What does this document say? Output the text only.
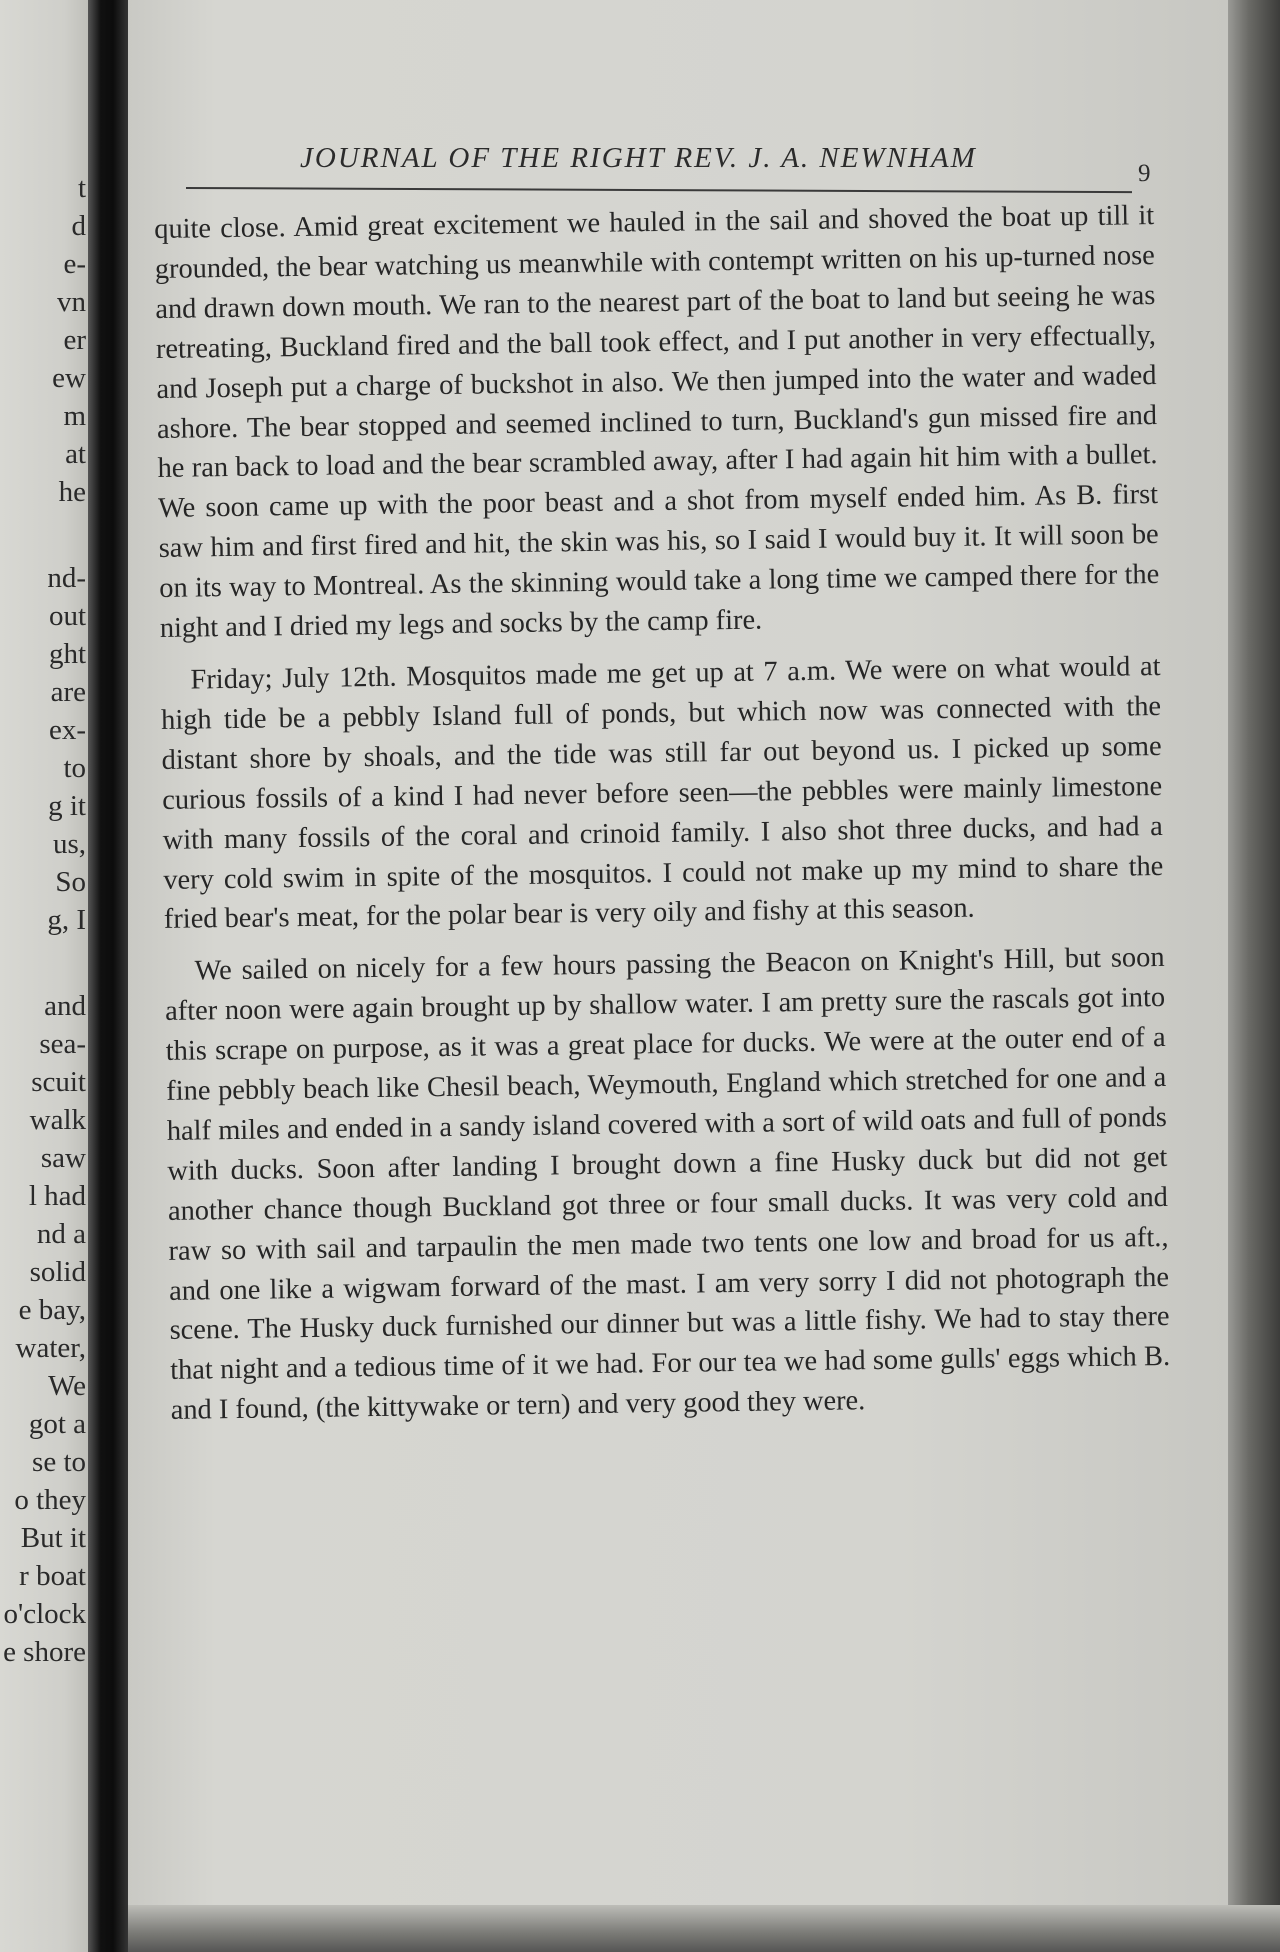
t
d
e-
vn
er
ew
m
at
he
nd-
out
ght
are
ex-
to
g it
us,
So
g, I
and
sea-
scuit
walk
saw
l had
nd a
solid
e bay,
water,
We
got a
se to
o they
But it
r boat
o'clock
e shore
JOURNAL OF THE RIGHT REV. J. A. NEWNHAM	9

quite close. Amid great excitement we hauled in the sail and shoved the boat up till it grounded, the bear watching us meanwhile with contempt written on his up-turned nose and drawn down mouth. We ran to the nearest part of the boat to land but seeing he was retreating, Buckland fired and the ball took effect, and I put another in very effectually, and Joseph put a charge of buckshot in also. We then jumped into the water and waded ashore. The bear stopped and seemed inclined to turn, Buckland's gun missed fire and he ran back to load and the bear scrambled away, after I had again hit him with a bullet. We soon came up with the poor beast and a shot from myself ended him. As B. first saw him and first fired and hit, the skin was his, so I said I would buy it. It will soon be on its way to Montreal. As the skinning would take a long time we camped there for the night and I dried my legs and socks by the camp fire.

Friday; July 12th. Mosquitos made me get up at 7 a.m. We were on what would at high tide be a pebbly Island full of ponds, but which now was connected with the distant shore by shoals, and the tide was still far out beyond us. I picked up some curious fossils of a kind I had never before seen—the pebbles were mainly limestone with many fossils of the coral and crinoid family. I also shot three ducks, and had a very cold swim in spite of the mosquitos. I could not make up my mind to share the fried bear's meat, for the polar bear is very oily and fishy at this season.

We sailed on nicely for a few hours passing the Beacon on Knight's Hill, but soon after noon were again brought up by shallow water. I am pretty sure the rascals got into this scrape on purpose, as it was a great place for ducks. We were at the outer end of a fine pebbly beach like Chesil beach, Weymouth, England which stretched for one and a half miles and ended in a sandy island covered with a sort of wild oats and full of ponds with ducks. Soon after landing I brought down a fine Husky duck but did not get another chance though Buckland got three or four small ducks. It was very cold and raw so with sail and tarpaulin the men made two tents one low and broad for us aft., and one like a wigwam forward of the mast. I am very sorry I did not photograph the scene. The Husky duck furnished our dinner but was a little fishy. We had to stay there that night and a tedious time of it we had. For our tea we had some gulls' eggs which B. and I found, (the kittywake or tern) and very good they were.
